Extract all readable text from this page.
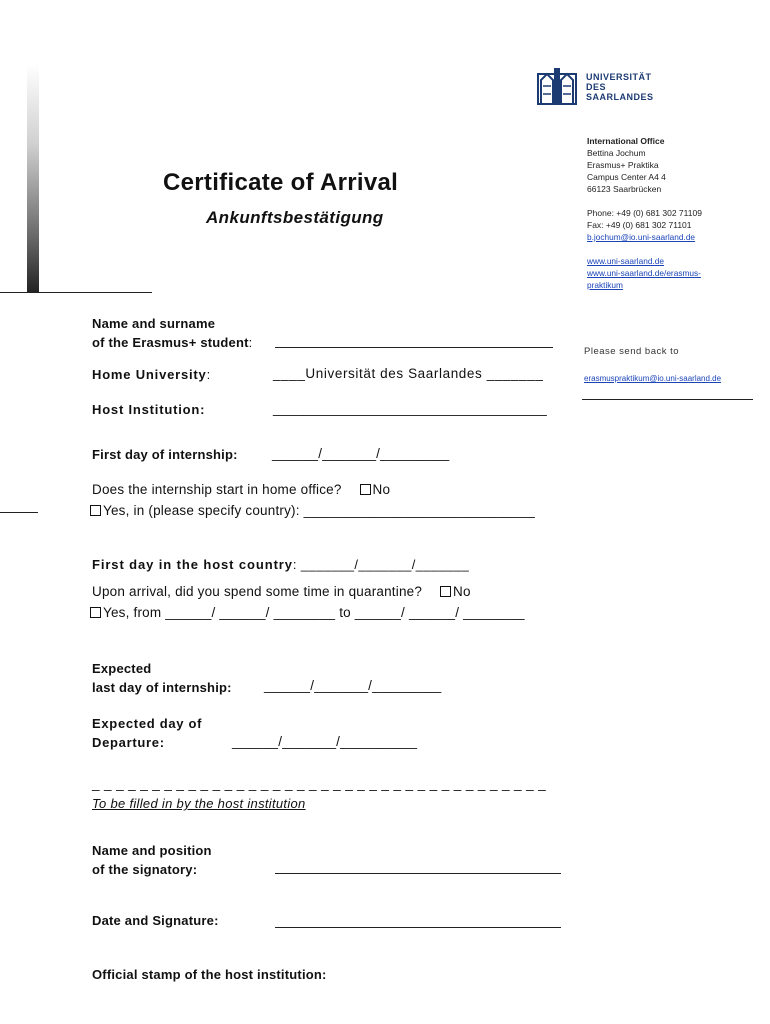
UNIVERSITÄT
DES
SAARLANDES
International Office
Bettina Jochum
Erasmus+ Praktika
Campus Center A4 4
66123 Saarbrücken
Phone: +49 (0) 681 302 71109
Fax: +49 (0) 681 302 71101
b.jochum@io.uni-saarland.de
www.uni-saarland.de
www.uni-saarland.de/erasmus-
praktikum
Please send back to
erasmuspraktikum@io.uni-saarland.de
Certificate of Arrival
Ankunftsbestätigung
Name and surname
of the Erasmus+ student:
Home University:	____Universität des Saarlandes _______
Host Institution:	____________________________________
First day of internship:	______/_______/_________
Does the internship start in home office? No
Yes, in (please specify country): ______________________________
First day in the host country: _______/_______/_______
Upon arrival, did you spend some time in quarantine? No
Yes, from ______/ ______/ ________ to ______/ ______/ ________
Expected
last day of internship: ______/_______/_________
Expected day of
Departure:	______/_______/__________
_ _ _ _ _ _ _ _ _ _ _ _ _ _ _ _ _ _ _ _ _ _ _ _ _ _ _ _ _ _ _ _ _ _ _ _ _ _
To be filled in by the host institution
Name and position
of the signatory:
Date and Signature:
Official stamp of the host institution:
